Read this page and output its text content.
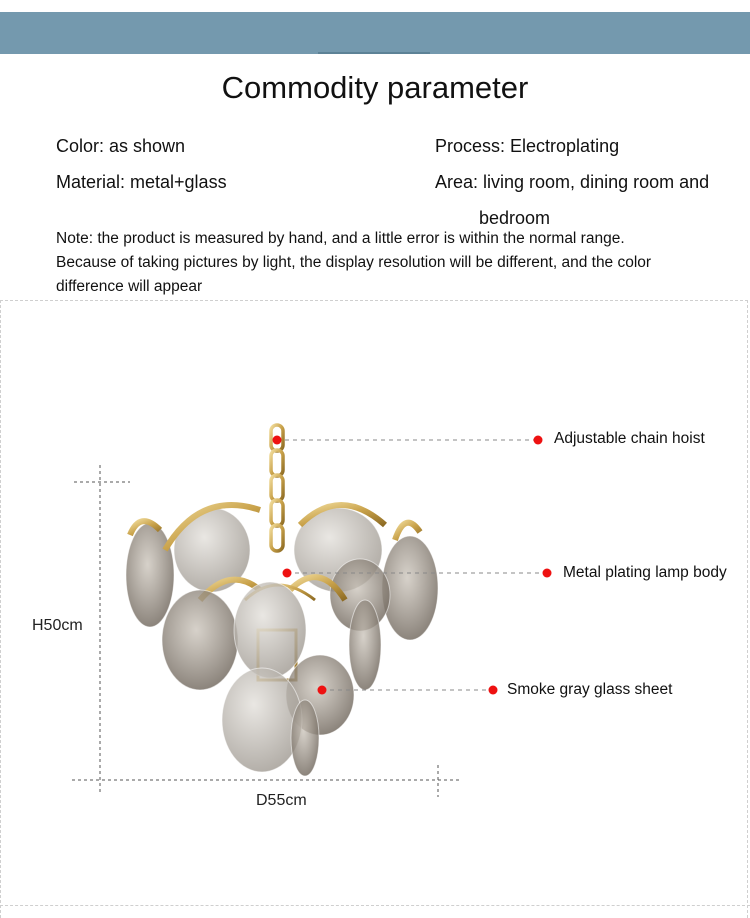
Commodity parameter
Color: as shown
Material: metal+glass
Process: Electroplating
Area: living room, dining room and
bedroom
Note: the product is measured by hand, and a little error is within the normal range.
Because of taking pictures by light, the display resolution will be different, and the color
difference will appear
Adjustable chain hoist
Metal plating lamp body
Smoke gray glass sheet
H50cm
D55cm
